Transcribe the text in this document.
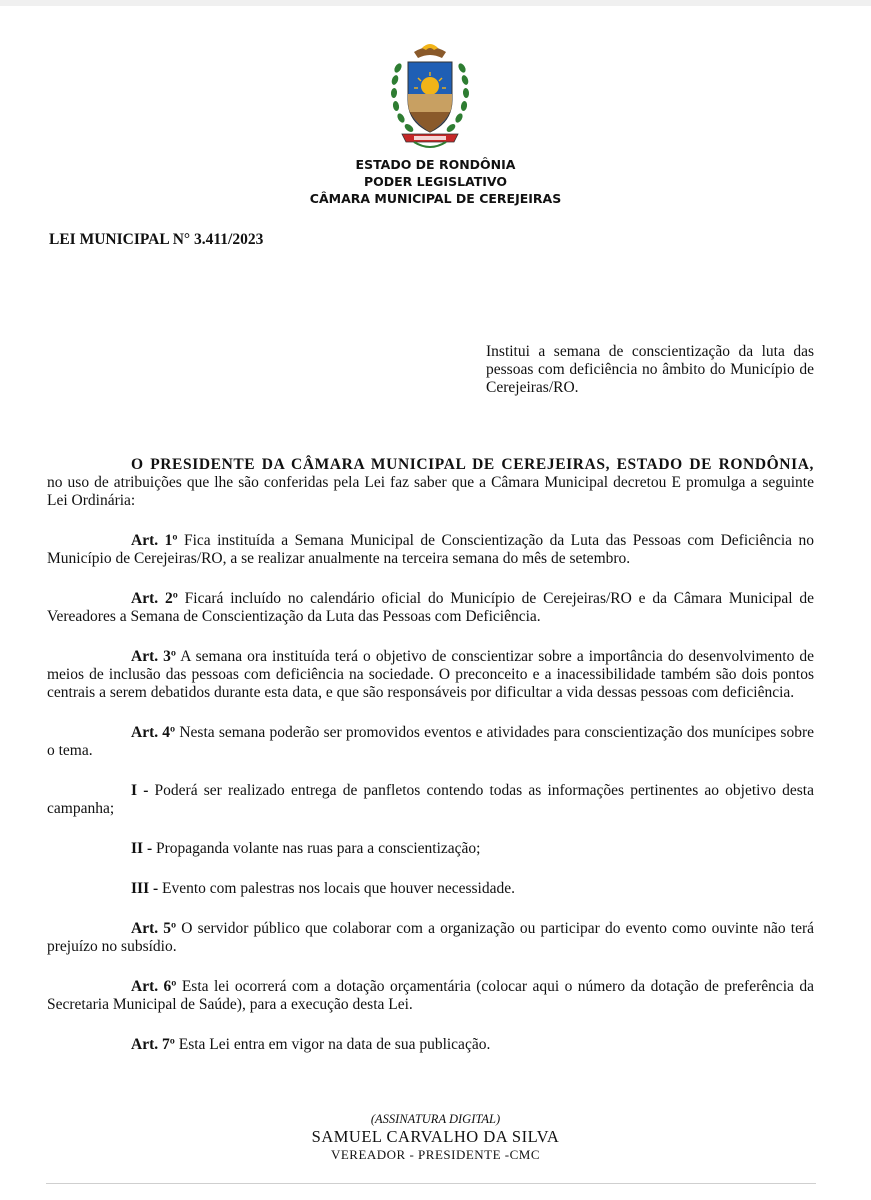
ESTADO DE RONDÔNIA
PODER LEGISLATIVO
CÂMARA MUNICIPAL DE CEREJEIRAS
LEI MUNICIPAL N° 3.411/2023
Institui a semana de conscientização da luta das pessoas com deficiência no âmbito do Município de Cerejeiras/RO.

O PRESIDENTE DA CÂMARA MUNICIPAL DE CEREJEIRAS, ESTADO DE RONDÔNIA, no uso de atribuições que lhe são conferidas pela Lei faz saber que a Câmara Municipal decretou E promulga a seguinte Lei Ordinária:

Art. 1º Fica instituída a Semana Municipal de Conscientização da Luta das Pessoas com Deficiência no Município de Cerejeiras/RO, a se realizar anualmente na terceira semana do mês de setembro.

Art. 2º Ficará incluído no calendário oficial do Município de Cerejeiras/RO e da Câmara Municipal de Vereadores a Semana de Conscientização da Luta das Pessoas com Deficiência.

Art. 3º A semana ora instituída terá o objetivo de conscientizar sobre a importância do desenvolvimento de meios de inclusão das pessoas com deficiência na sociedade. O preconceito e a inacessibilidade também são dois pontos centrais a serem debatidos durante esta data, e que são responsáveis por dificultar a vida dessas pessoas com deficiência.

Art. 4º Nesta semana poderão ser promovidos eventos e atividades para conscientização dos munícipes sobre o tema.

I - Poderá ser realizado entrega de panfletos contendo todas as informações pertinentes ao objetivo desta campanha;

II - Propaganda volante nas ruas para a conscientização;

III - Evento com palestras nos locais que houver necessidade.

Art. 5º O servidor público que colaborar com a organização ou participar do evento como ouvinte não terá prejuízo no subsídio.

Art. 6º Esta lei ocorrerá com a dotação orçamentária (colocar aqui o número da dotação de preferência da Secretaria Municipal de Saúde), para a execução desta Lei.

Art. 7º Esta Lei entra em vigor na data de sua publicação.

(ASSINATURA DIGITAL)
SAMUEL CARVALHO DA SILVA
VEREADOR - PRESIDENTE -CMC
